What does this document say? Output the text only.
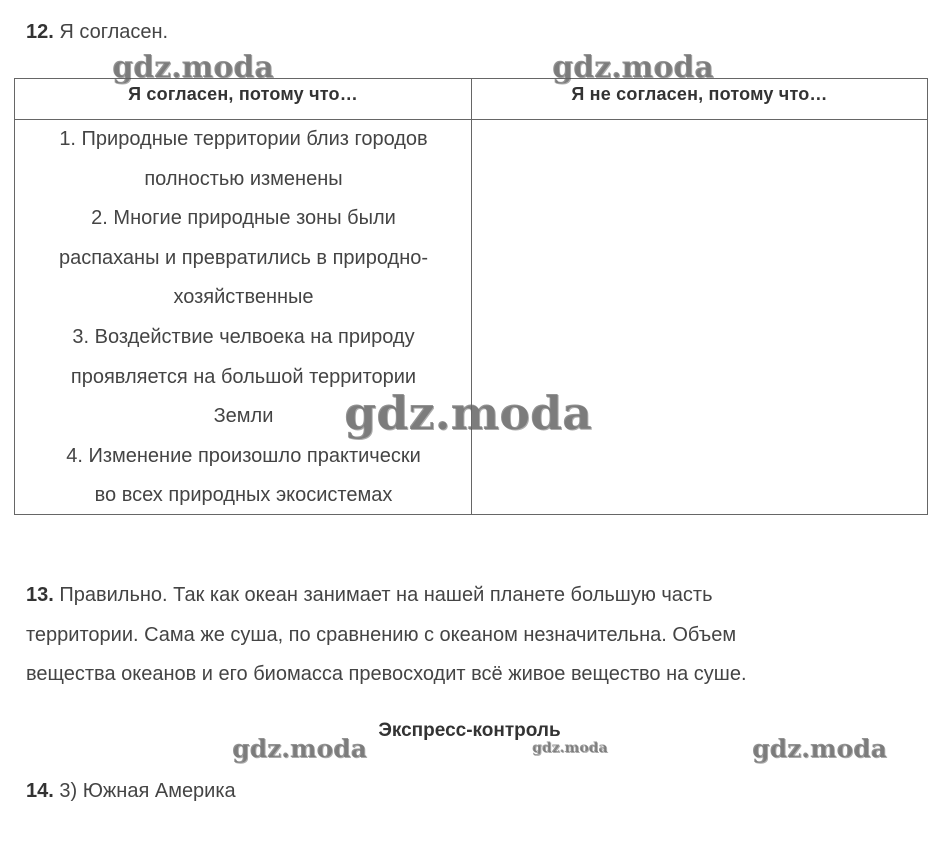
12. Я согласен.
Я согласен, потому что…	Я не согласен, потому что…
1. Природные территории близ городов
полностью изменены
2. Многие природные зоны были
распаханы и превратились в природно-
хозяйственные
3. Воздействие челвоека на природу
проявляется на большой территории
Земли
4. Изменение произошло практически
во всех природных экосистемах
13. Правильно. Так как океан занимает на нашей планете большую часть
территории. Сама же суша, по сравнению с океаном незначительна. Объем
вещества океанов и его биомасса превосходит всё живое вещество на суше.
Экспресс-контроль
14. 3) Южная Америка
gdz.moda	gdz.moda
gdz.moda
gdz.moda	gdz.moda	gdz.moda
